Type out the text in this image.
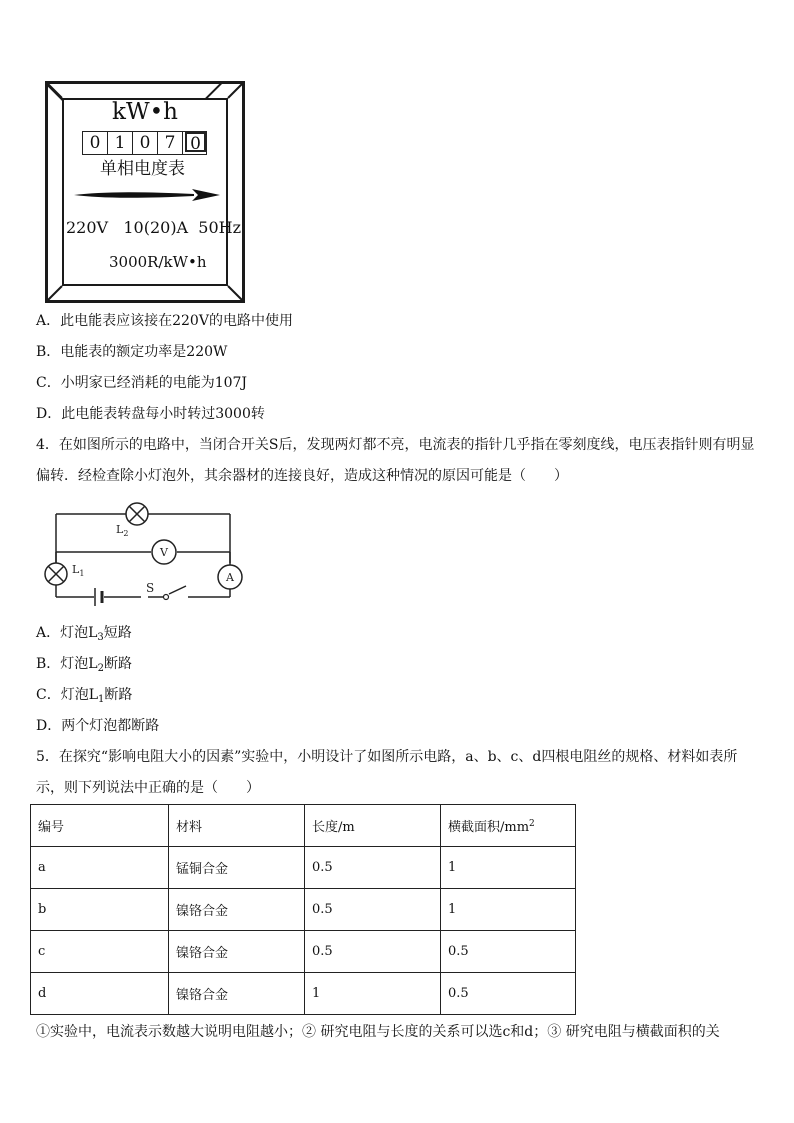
kW•h
0 1 0 7 0
单相电度表
220V   10(20)A  50Hz
3000R/kW•h
A．此电能表应该接在220V的电路中使用
B．电能表的额定功率是220W
C．小明家已经消耗的电能为107J
D．此电能表转盘每小时转过3000转
4．在如图所示的电路中，当闭合开关S后，发现两灯都不亮，电流表的指针几乎指在零刻度线，电压表指针则有明显偏转．经检查除小灯泡外，其余器材的连接良好，造成这种情况的原因可能是（　　）
$L_2$
$L_1$
V
A
S
A．灯泡$L_3$短路
B．灯泡$L_2$断路
C．灯泡$L_1$断路
D．两个灯泡都断路
5．在探究“影响电阻大小的因素”实验中，小明设计了如图所示电路，a、b、c、d四根电阻丝的规格、材料如表所示，则下列说法中正确的是（　　）
编号	材料	长度/m	横截面积$/mm^2$
a	锰铜合金	0.5	1
b	镍铬合金	0.5	1
c	镍铬合金	0.5	0.5
d	镍铬合金	1	0.5
①实验中，电流表示数越大说明电阻越小；② 研究电阻与长度的关系可以选c和d；③ 研究电阻与横截面积的关
